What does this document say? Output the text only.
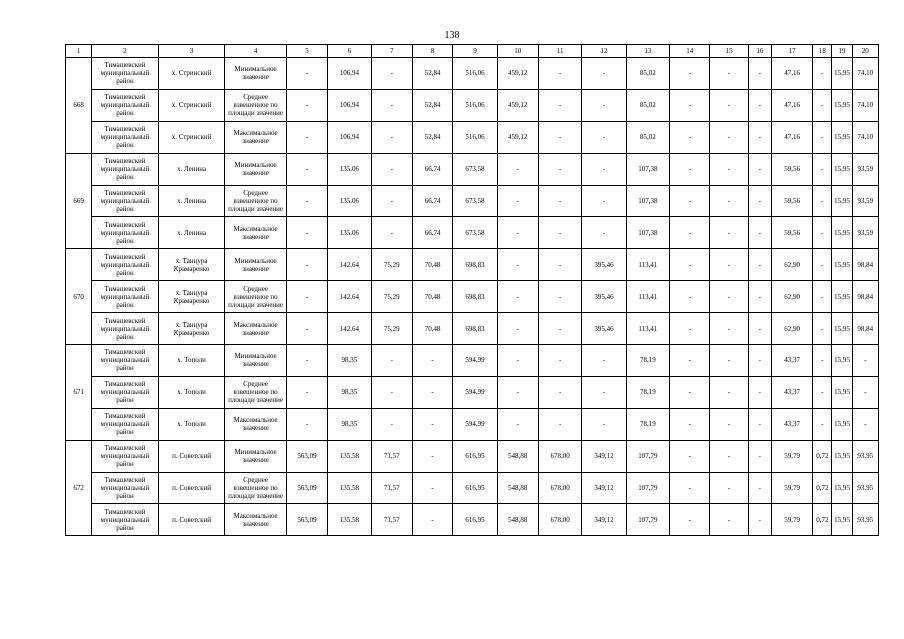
138
1	2	3	4	5	6	7	8	9	10	11	12	13	14	15	16	17	18	19	20
668	Тимашевский муниципальный район	х. Стринский	Минимальное значение	-	106,94	-	52,84	516,06	459,12	-	-	85,02	-	-	-	47,16	-	15,95	74,10
	Тимашевский муниципальный район	х. Стринский	Среднее взвешенное по площади значение	-	106,94	-	52,84	516,06	459,12	-	-	85,02	-	-	-	47,16	-	15,95	74,10
	Тимашевский муниципальный район	х. Стринский	Максимальное значение	-	106,94	-	52,84	516,06	459,12	-	-	85,02	-	-	-	47,16	-	15,95	74,10
669	Тимашевский муниципальный район	х. Ленина	Минимальное значение	-	135,06	-	66,74	673,58	-	-	-	107,38	-	-	-	59,56	-	15,95	93,59
	Тимашевский муниципальный район	х. Ленина	Среднее взвешенное по площади значение	-	135,06	-	66,74	673,58	-	-	-	107,38	-	-	-	59,56	-	15,95	93,59
	Тимашевский муниципальный район	х. Ленина	Максимальное значение	-	135,06	-	66,74	673,58	-	-	-	107,38	-	-	-	59,56	-	15,95	93,59
670	Тимашевский муниципальный район	х. Танцура Крамаренко	Минимальное значение	-	142,64	75,29	70,48	698,83	-	-	395,46	113,41	-	-	-	62,90	-	15,95	98,84
	Тимашевский муниципальный район	х. Танцура Крамаренко	Среднее взвешенное по площади значение	-	142,64	75,29	70,48	698,83	-	-	395,46	113,41	-	-	-	62,90	-	15,95	98,84
	Тимашевский муниципальный район	х. Танцура Крамаренко	Максимальное значение	-	142,64	75,29	70,48	698,83	-	-	395,46	113,41	-	-	-	62,90	-	15,95	98,84
671	Тимашевский муниципальный район	х. Тополи	Минимальное значение	-	98,35	-	-	594,99	-	-	-	78,19	-	-	-	43,37	-	15,95	-
	Тимашевский муниципальный район	х. Тополи	Среднее взвешенное по площади значение	-	98,35	-	-	594,99	-	-	-	78,19	-	-	-	43,37	-	15,95	-
	Тимашевский муниципальный район	х. Тополи	Максимальное значение	-	98,35	-	-	594,99	-	-	-	78,19	-	-	-	43,37	-	15,95	-
672	Тимашевский муниципальный район	п. Советский	Минимальное значение	563,09	135,58	71,57	-	616,95	548,88	678,00	349,12	107,79	-	-	-	59,79	0,72	15,95	93,95
	Тимашевский муниципальный район	п. Советский	Среднее взвешенное по площади значение	563,09	135,58	71,57	-	616,95	548,88	678,00	349,12	107,79	-	-	-	59,79	0,72	15,95	93,95
	Тимашевский муниципальный район	п. Советский	Максимальное значение	563,09	135,58	71,57	-	616,95	548,88	678,00	349,12	107,79	-	-	-	59,79	0,72	15,95	93,95
